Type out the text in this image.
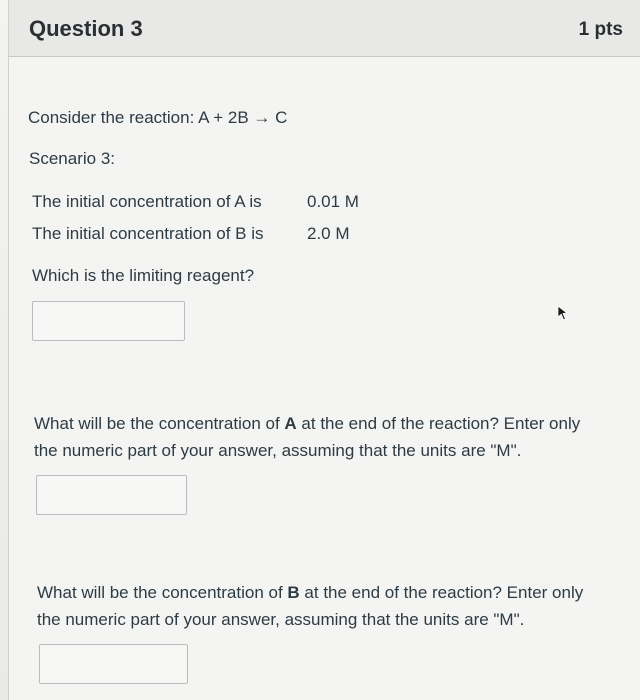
Question 3	1 pts
Consider the reaction: A + 2B → C
Scenario 3:
The initial concentration of A is	0.01 M
The initial concentration of B is	2.0 M
Which is the limiting reagent?
What will be the concentration of A at the end of the reaction? Enter only
the numeric part of your answer, assuming that the units are "M".
What will be the concentration of B at the end of the reaction? Enter only
the numeric part of your answer, assuming that the units are "M".
